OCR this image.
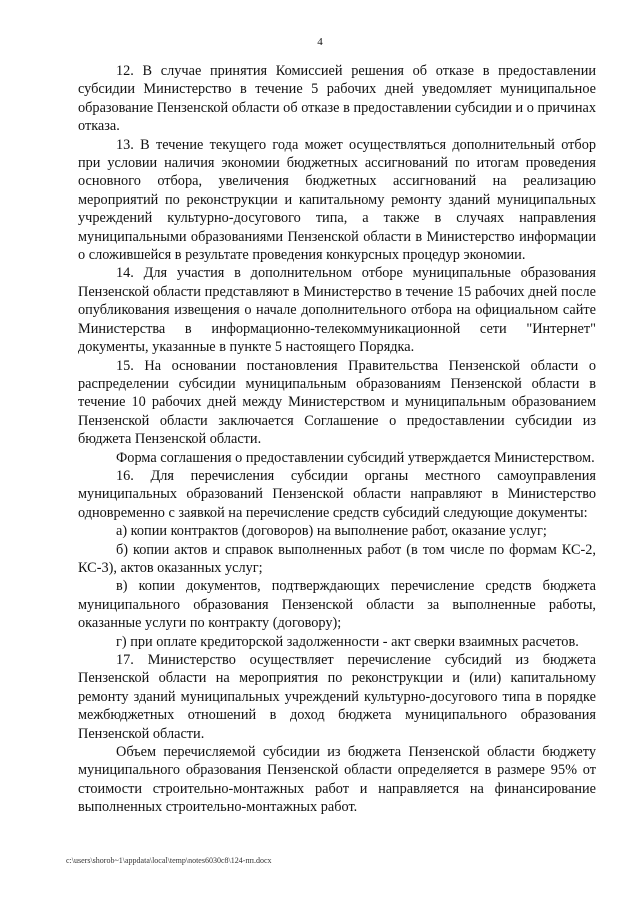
4

12. В случае принятия Комиссией решения об отказе в предоставлении субсидии Министерство в течение 5 рабочих дней уведомляет муниципальное образование Пензенской области об отказе в предоставлении субсидии и о причинах отказа.

13. В течение текущего года может осуществляться дополнительный отбор при условии наличия экономии бюджетных ассигнований по итогам проведения основного отбора, увеличения бюджетных ассигнований на реализацию мероприятий по реконструкции и капитальному ремонту зданий муниципальных учреждений культурно-досугового типа, а также в случаях направления муниципальными образованиями Пензенской области в Министерство информации о сложившейся в результате проведения конкурсных процедур экономии.

14. Для участия в дополнительном отборе муниципальные образования Пензенской области представляют в Министерство в течение 15 рабочих дней после опубликования извещения о начале дополнительного отбора на официальном сайте Министерства в информационно-телекоммуникационной сети "Интернет" документы, указанные в пункте 5 настоящего Порядка.

15. На основании постановления Правительства Пензенской области о распределении субсидии муниципальным образованиям Пензенской области в течение 10 рабочих дней между Министерством и муниципальным образованием Пензенской области заключается Соглашение о предоставлении субсидии из бюджета Пензенской области.

Форма соглашения о предоставлении субсидий утверждается Министерством.

16. Для перечисления субсидии органы местного самоуправления муниципальных образований Пензенской области направляют в Министерство одновременно с заявкой на перечисление средств субсидий следующие документы:

а) копии контрактов (договоров) на выполнение работ, оказание услуг;

б) копии актов и справок выполненных работ (в том числе по формам КС-2, КС-3), актов оказанных услуг;

в) копии документов, подтверждающих перечисление средств бюджета муниципального образования Пензенской области за выполненные работы, оказанные услуги по контракту (договору);

г) при оплате кредиторской задолженности - акт сверки взаимных расчетов.

17. Министерство осуществляет перечисление субсидий из бюджета Пензенской области на мероприятия по реконструкции и (или) капитальному ремонту зданий муниципальных учреждений культурно-досугового типа в порядке межбюджетных отношений в доход бюджета муниципального образования Пензенской области.

Объем перечисляемой субсидии из бюджета Пензенской области бюджету муниципального образования Пензенской области определяется в размере 95% от стоимости строительно-монтажных работ и направляется на финансирование выполненных строительно-монтажных работ.

c:\users\shorob~1\appdata\local\temp\notes6030c8\124-пп.docx
